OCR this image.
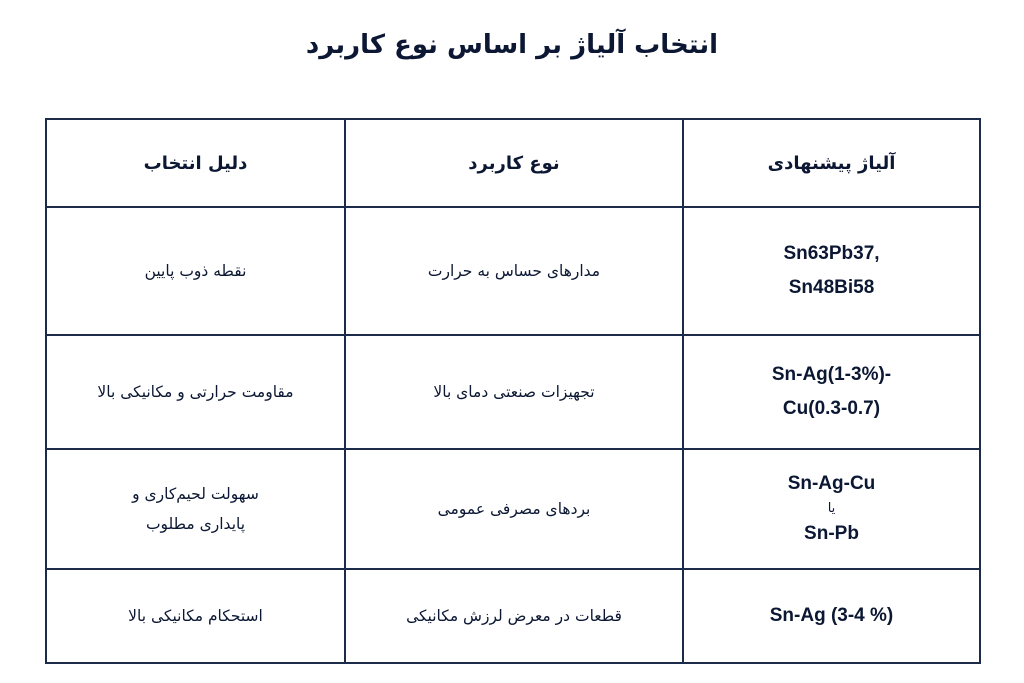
انتخاب آلیاژ بر اساس نوع کاربرد
آلیاژ پیشنهادی	نوع کاربرد	دلیل انتخاب

Sn63Pb37,
Sn48Bi58	مدارهای حساس به حرارت	نقطه ذوب پایین

Sn-Ag(1-3%)-
Cu(0.3-0.7)	تجهیزات صنعتی دمای بالا	مقاومت حرارتی و مکانیکی بالا

Sn-Ag-Cu
یا
Sn-Pb	بردهای مصرفی عمومی	سهولت لحیم‌کاری و
پایداری مطلوب

Sn-Ag (3-4 %)	قطعات در معرض لرزش مکانیکی	استحکام مکانیکی بالا
